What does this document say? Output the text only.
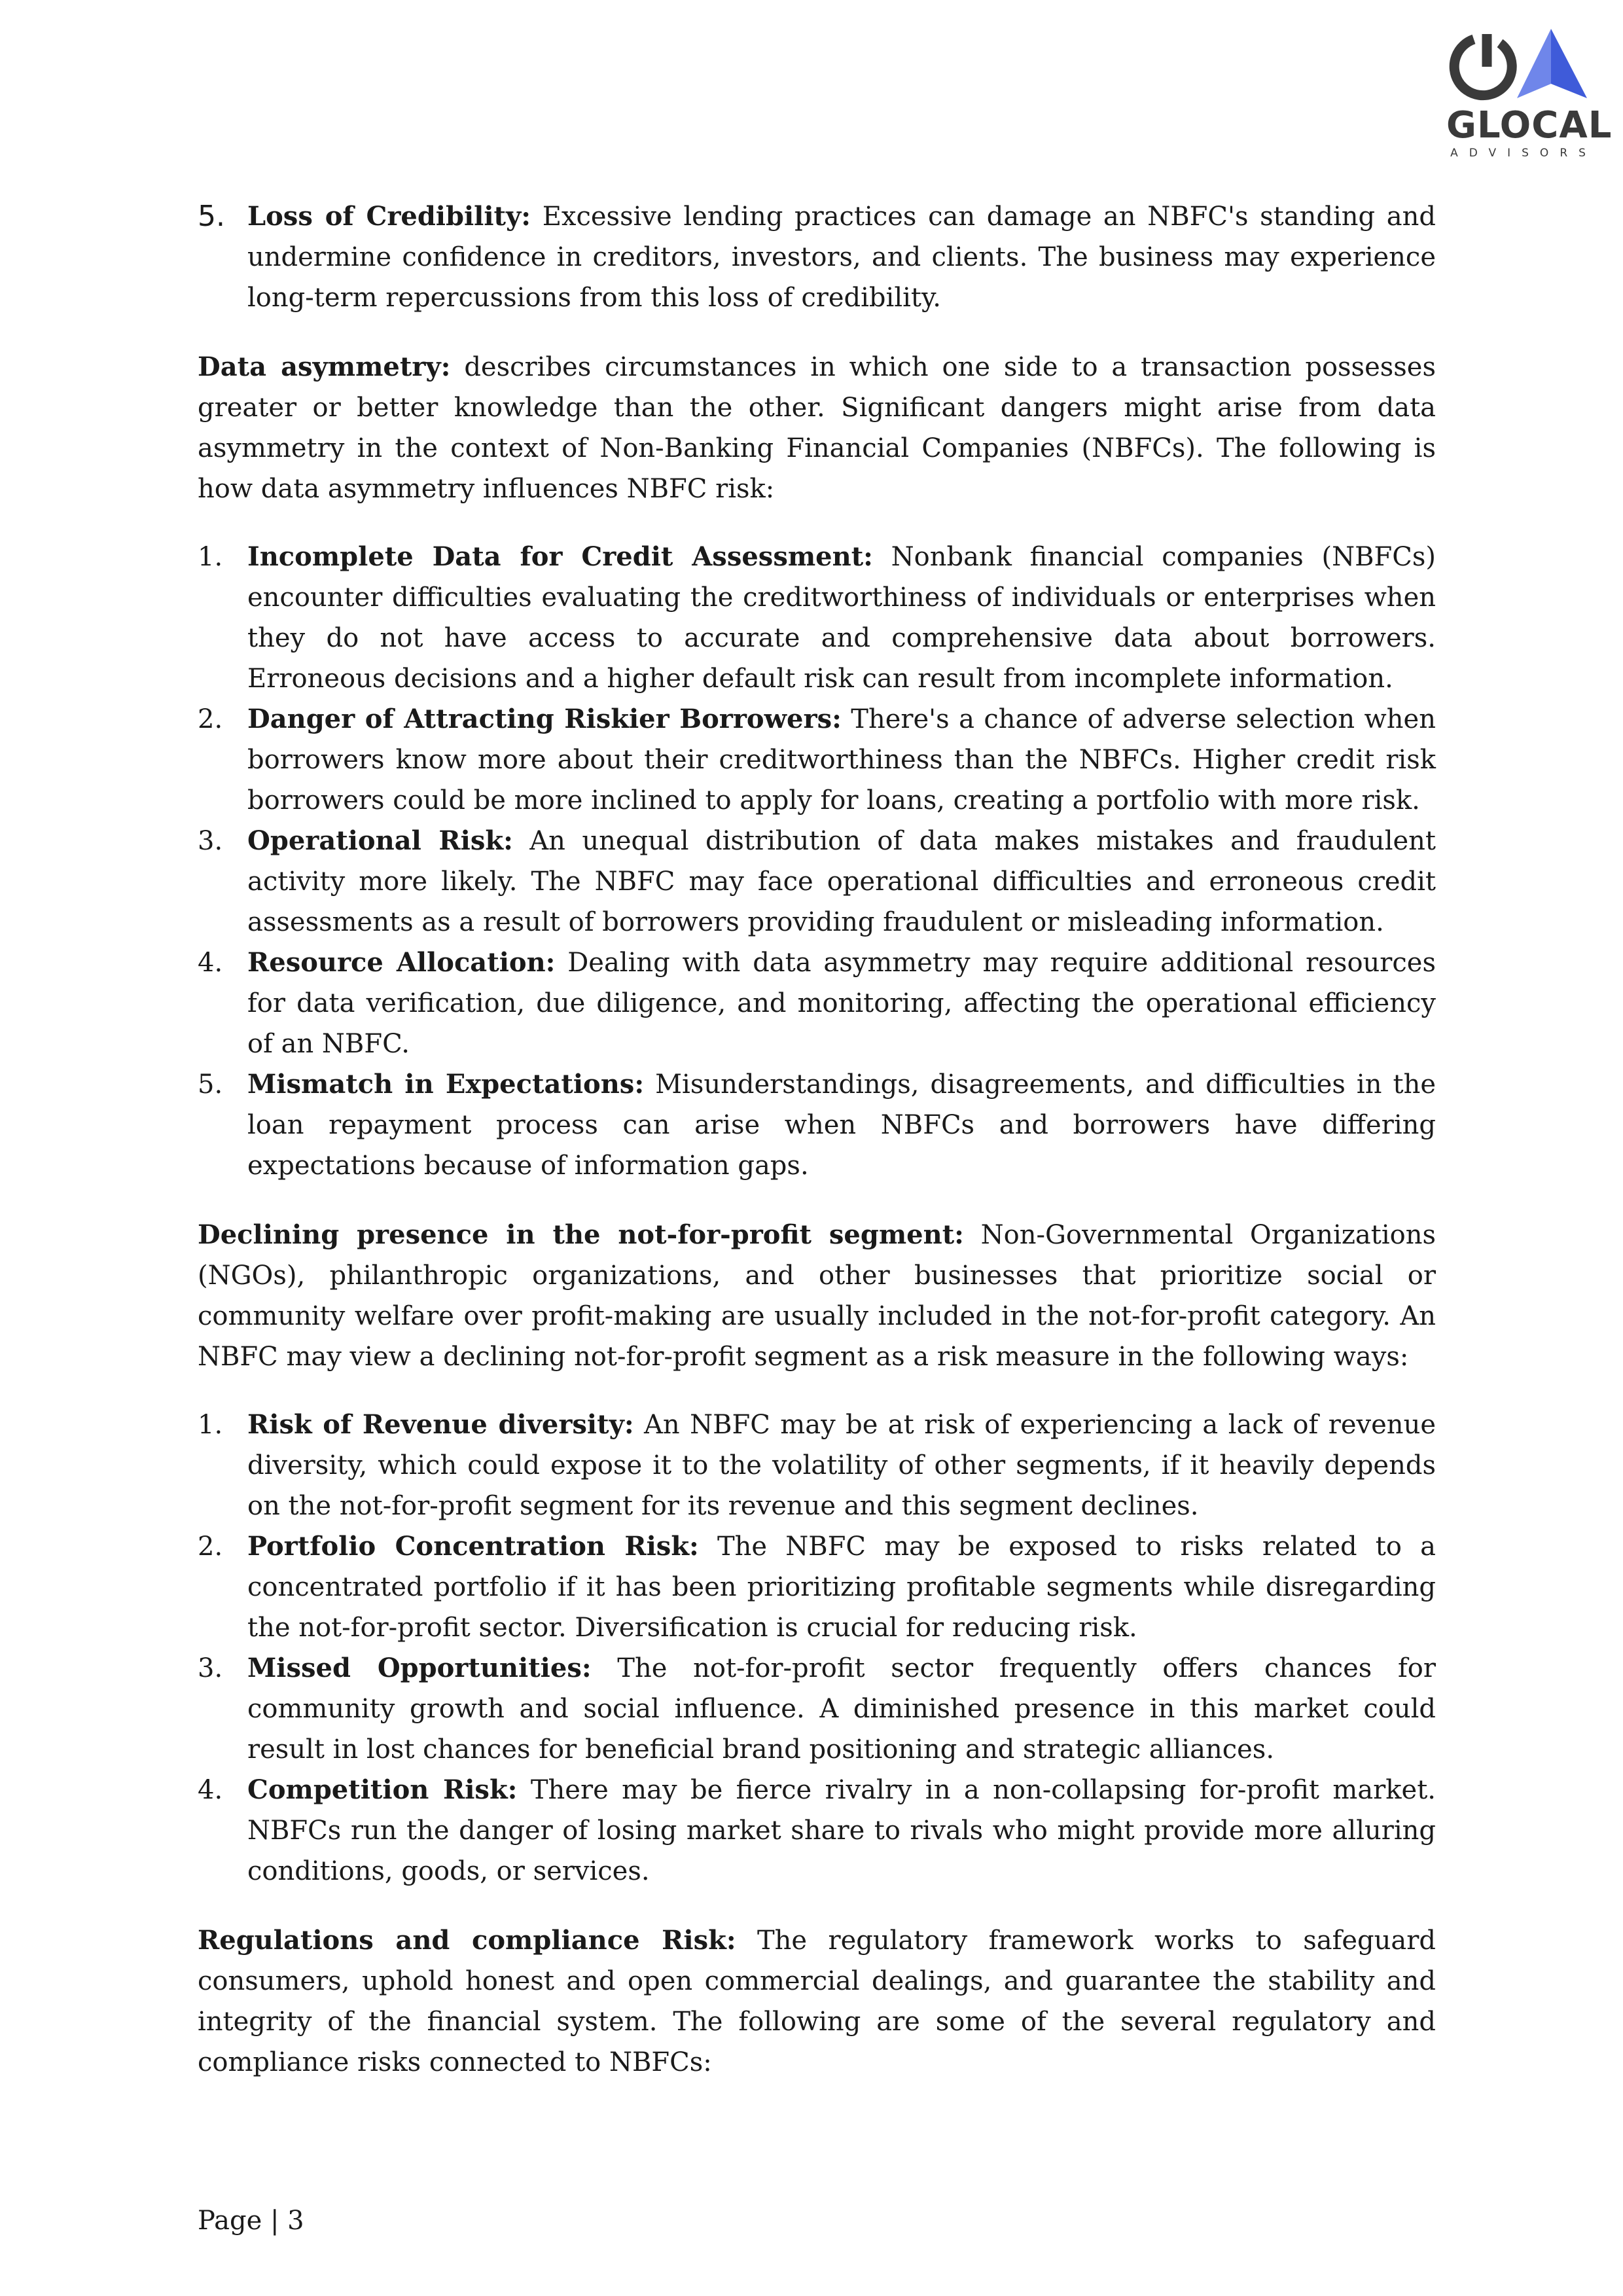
GLOCAL
ADVISORS
5. Loss of Credibility: Excessive lending practices can damage an NBFC's standing and undermine confidence in creditors, investors, and clients. The business may experience long-term repercussions from this loss of credibility.

Data asymmetry: describes circumstances in which one side to a transaction possesses greater or better knowledge than the other. Significant dangers might arise from data asymmetry in the context of Non-Banking Financial Companies (NBFCs). The following is how data asymmetry influences NBFC risk:

1. Incomplete Data for Credit Assessment: Nonbank financial companies (NBFCs) encounter difficulties evaluating the creditworthiness of individuals or enterprises when they do not have access to accurate and comprehensive data about borrowers. Erroneous decisions and a higher default risk can result from incomplete information.
2. Danger of Attracting Riskier Borrowers: There's a chance of adverse selection when borrowers know more about their creditworthiness than the NBFCs. Higher credit risk borrowers could be more inclined to apply for loans, creating a portfolio with more risk.
3. Operational Risk: An unequal distribution of data makes mistakes and fraudulent activity more likely. The NBFC may face operational difficulties and erroneous credit assessments as a result of borrowers providing fraudulent or misleading information.
4. Resource Allocation: Dealing with data asymmetry may require additional resources for data verification, due diligence, and monitoring, affecting the operational efficiency of an NBFC.
5. Mismatch in Expectations: Misunderstandings, disagreements, and difficulties in the loan repayment process can arise when NBFCs and borrowers have differing expectations because of information gaps.

Declining presence in the not-for-profit segment: Non-Governmental Organizations (NGOs), philanthropic organizations, and other businesses that prioritize social or community welfare over profit-making are usually included in the not-for-profit category. An NBFC may view a declining not-for-profit segment as a risk measure in the following ways:

1. Risk of Revenue diversity: An NBFC may be at risk of experiencing a lack of revenue diversity, which could expose it to the volatility of other segments, if it heavily depends on the not-for-profit segment for its revenue and this segment declines.
2. Portfolio Concentration Risk: The NBFC may be exposed to risks related to a concentrated portfolio if it has been prioritizing profitable segments while disregarding the not-for-profit sector. Diversification is crucial for reducing risk.
3. Missed Opportunities: The not-for-profit sector frequently offers chances for community growth and social influence. A diminished presence in this market could result in lost chances for beneficial brand positioning and strategic alliances.
4. Competition Risk: There may be fierce rivalry in a non-collapsing for-profit market. NBFCs run the danger of losing market share to rivals who might provide more alluring conditions, goods, or services.

Regulations and compliance Risk: The regulatory framework works to safeguard consumers, uphold honest and open commercial dealings, and guarantee the stability and integrity of the financial system. The following are some of the several regulatory and compliance risks connected to NBFCs:

Page | 3
